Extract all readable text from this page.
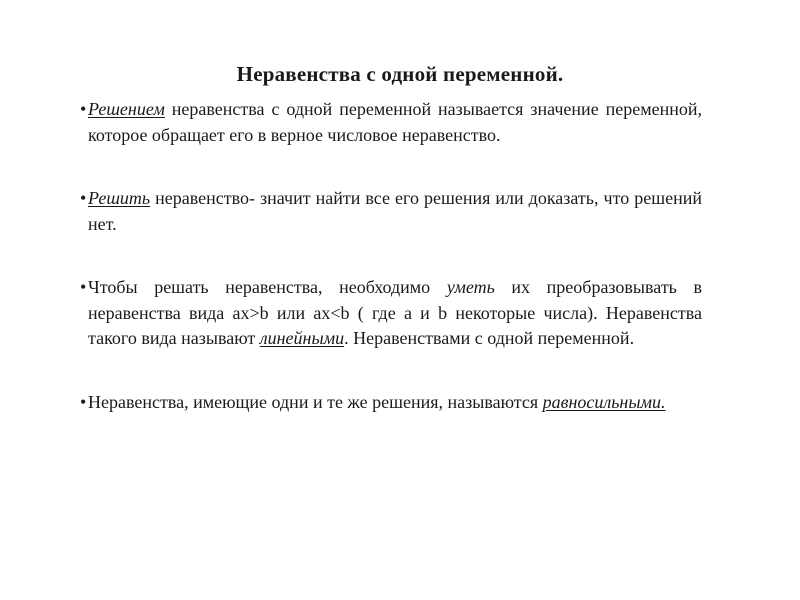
Неравенства с одной переменной.

• Решением неравенства с одной переменной называется значение переменной, которое обращает его в верное числовое неравенство.

• Решить неравенство- значит найти все его решения или доказать, что решений нет.

• Чтобы решать неравенства, необходимо уметь их преобразовывать в неравенства вида ax>b или ax<b ( где a и b некоторые числа). Неравенства такого вида называют линейными. Неравенствами с одной переменной.

• Неравенства, имеющие одни и те же решения, называются равносильными.
